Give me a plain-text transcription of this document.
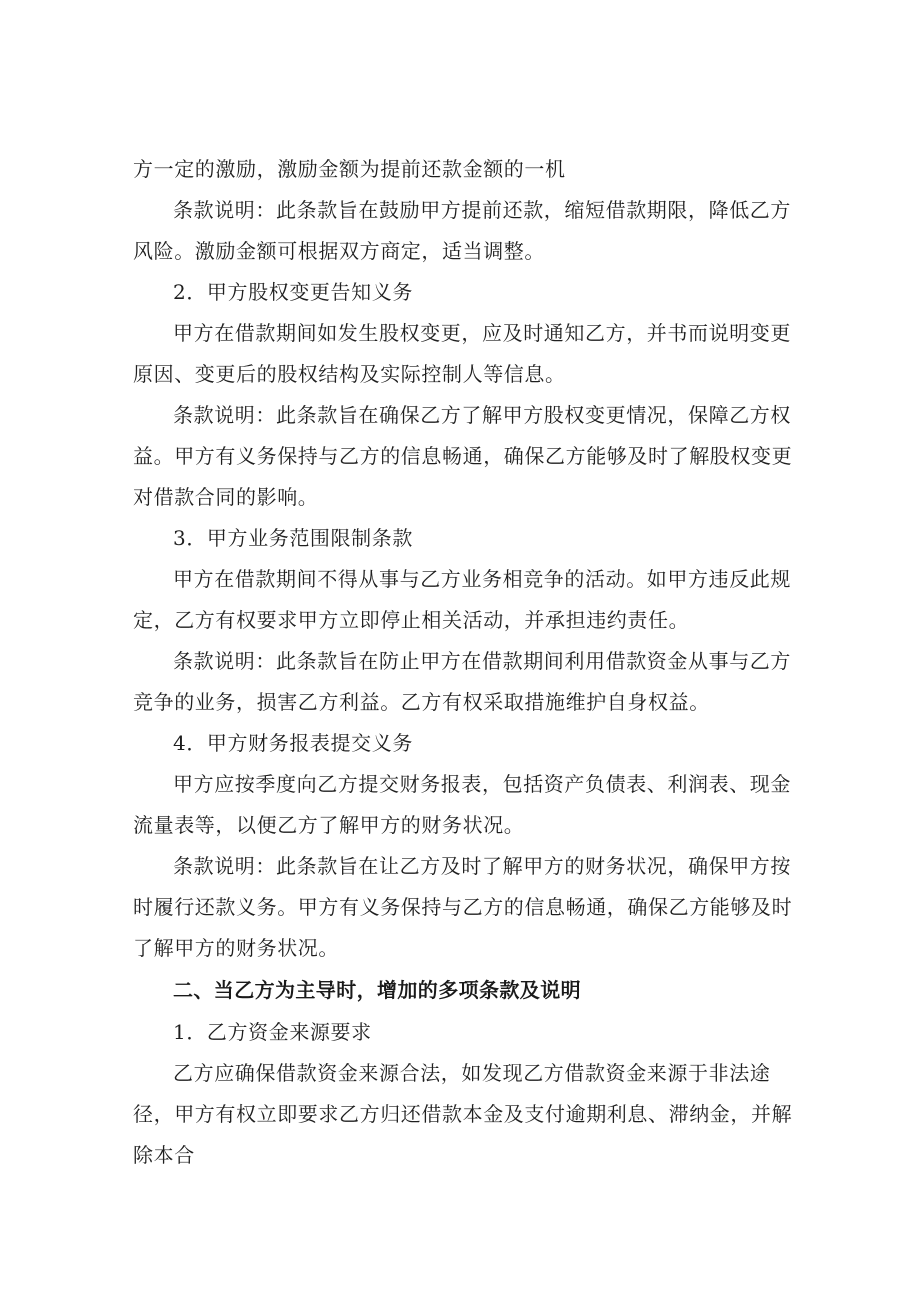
方一定的激励，激励金额为提前还款金额的一机

条款说明：此条款旨在鼓励甲方提前还款，缩短借款期限，降低乙方风险。激励金额可根据双方商定，适当调整。

2．甲方股权变更告知义务

甲方在借款期间如发生股权变更，应及时通知乙方，并书而说明变更原因、变更后的股权结构及实际控制人等信息。

条款说明：此条款旨在确保乙方了解甲方股权变更情况，保障乙方权益。甲方有义务保持与乙方的信息畅通，确保乙方能够及时了解股权变更对借款合同的影响。

3．甲方业务范围限制条款

甲方在借款期间不得从事与乙方业务相竞争的活动。如甲方违反此规定，乙方有权要求甲方立即停止相关活动，并承担违约责任。

条款说明：此条款旨在防止甲方在借款期间利用借款资金从事与乙方竞争的业务，损害乙方利益。乙方有权采取措施维护自身权益。

4．甲方财务报表提交义务

甲方应按季度向乙方提交财务报表，包括资产负债表、利润表、现金流量表等，以便乙方了解甲方的财务状况。

条款说明：此条款旨在让乙方及时了解甲方的财务状况，确保甲方按时履行还款义务。甲方有义务保持与乙方的信息畅通，确保乙方能够及时了解甲方的财务状况。

二、当乙方为主导时，增加的多项条款及说明

1．乙方资金来源要求

乙方应确保借款资金来源合法，如发现乙方借款资金来源于非法途径，甲方有权立即要求乙方归还借款本金及支付逾期利息、滞纳金，并解除本合
